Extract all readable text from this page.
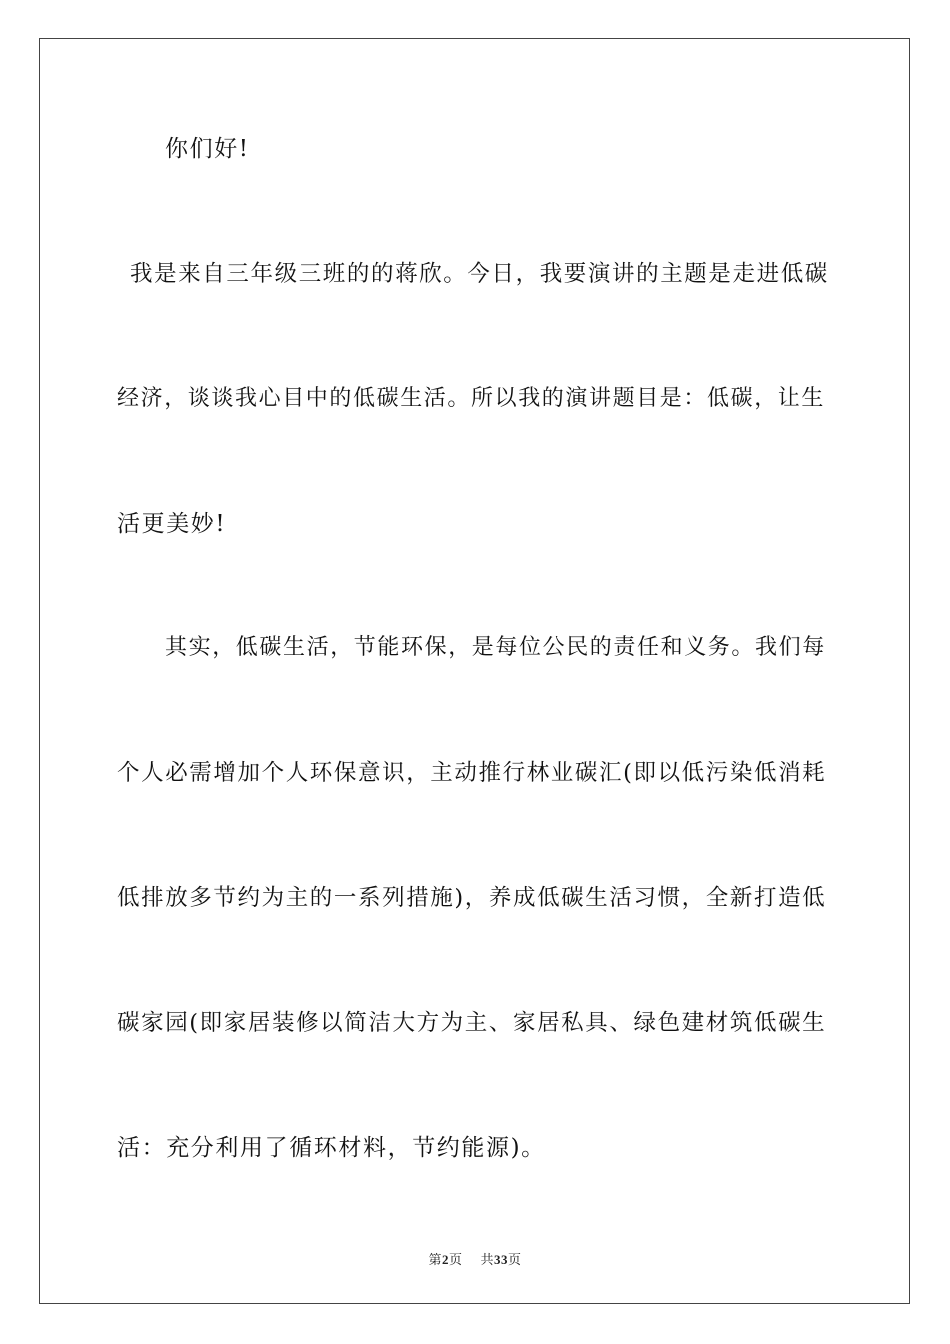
你们好!
我是来自三年级三班的的蒋欣。今日，我要演讲的主题是走进低碳
经济，谈谈我心目中的低碳生活。所以我的演讲题目是：低碳，让生
活更美妙!
其实，低碳生活，节能环保，是每位公民的责任和义务。我们每
个人必需增加个人环保意识，主动推行林业碳汇(即以低污染低消耗
低排放多节约为主的一系列措施)，养成低碳生活习惯，全新打造低
碳家园(即家居装修以简洁大方为主、家居私具、绿色建材筑低碳生
活：充分利用了循环材料，节约能源)。
第2页 共33页
